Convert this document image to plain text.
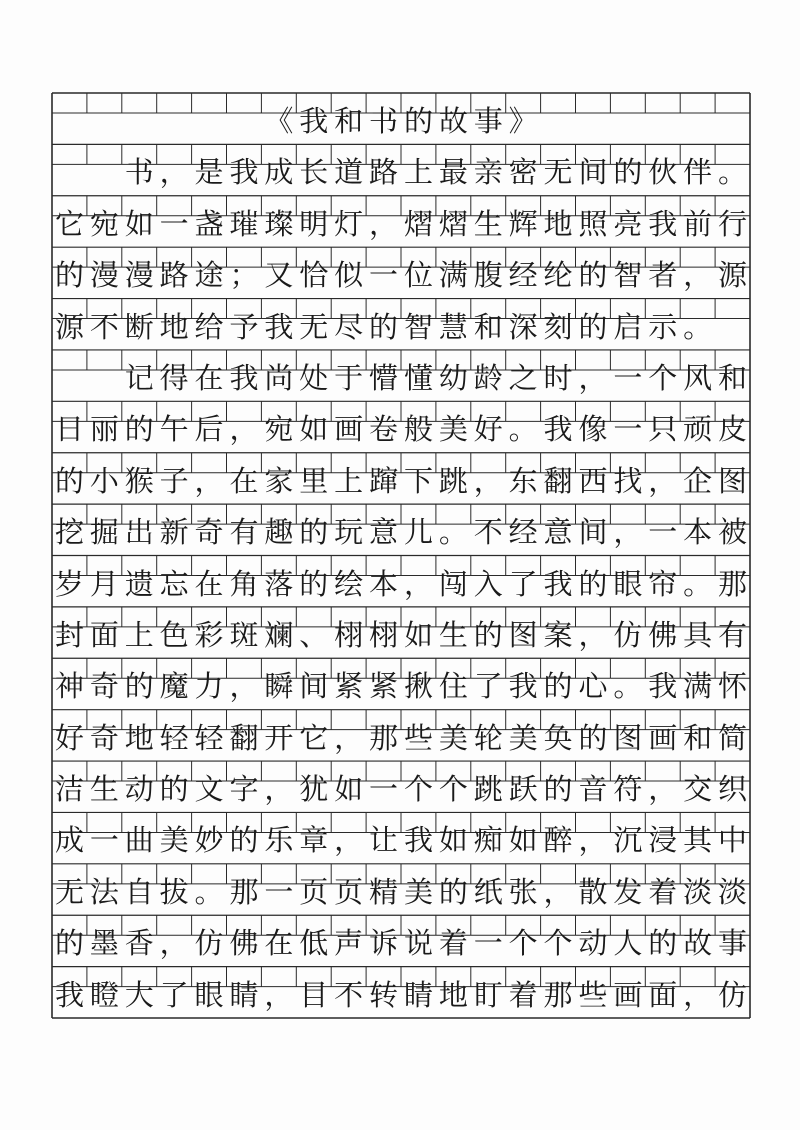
《 我 和 书 的 故 事 》
书 ， 是 我 成 长 道 路 上 最 亲 密 无 间 的 伙 伴 。
它 宛 如 一 盏 璀 璨 明 灯 ， 熠 熠 生 辉 地 照 亮 我 前 行
的 漫 漫 路 途 ； 又 恰 似 一 位 满 腹 经 纶 的 智 者 ， 源
源 不 断 地 给 予 我 无 尽 的 智 慧 和 深 刻 的 启 示 。
记 得 在 我 尚 处 于 懵 懂 幼 龄 之 时 ， 一 个 风 和
日 丽 的 午 后 ， 宛 如 画 卷 般 美 好 。 我 像 一 只 顽 皮
的 小 猴 子 ， 在 家 里 上 蹿 下 跳 ， 东 翻 西 找 ， 企 图
挖 掘 出 新 奇 有 趣 的 玩 意 儿 。 不 经 意 间 ， 一 本 被
岁 月 遗 忘 在 角 落 的 绘 本 ， 闯 入 了 我 的 眼 帘 。 那
封 面 上 色 彩 斑 斓 、 栩 栩 如 生 的 图 案 ， 仿 佛 具 有
神 奇 的 魔 力 ， 瞬 间 紧 紧 揪 住 了 我 的 心 。 我 满 怀
好 奇 地 轻 轻 翻 开 它 ， 那 些 美 轮 美 奂 的 图 画 和 简
洁 生 动 的 文 字 ， 犹 如 一 个 个 跳 跃 的 音 符 ， 交 织
成 一 曲 美 妙 的 乐 章 ， 让 我 如 痴 如 醉 ， 沉 浸 其 中
无 法 自 拔 。 那 一 页 页 精 美 的 纸 张 ， 散 发 着 淡 淡
的 墨 香 ， 仿 佛 在 低 声 诉 说 着 一 个 个 动 人 的 故 事
我 瞪 大 了 眼 睛 ， 目 不 转 睛 地 盯 着 那 些 画 面 ， 仿
